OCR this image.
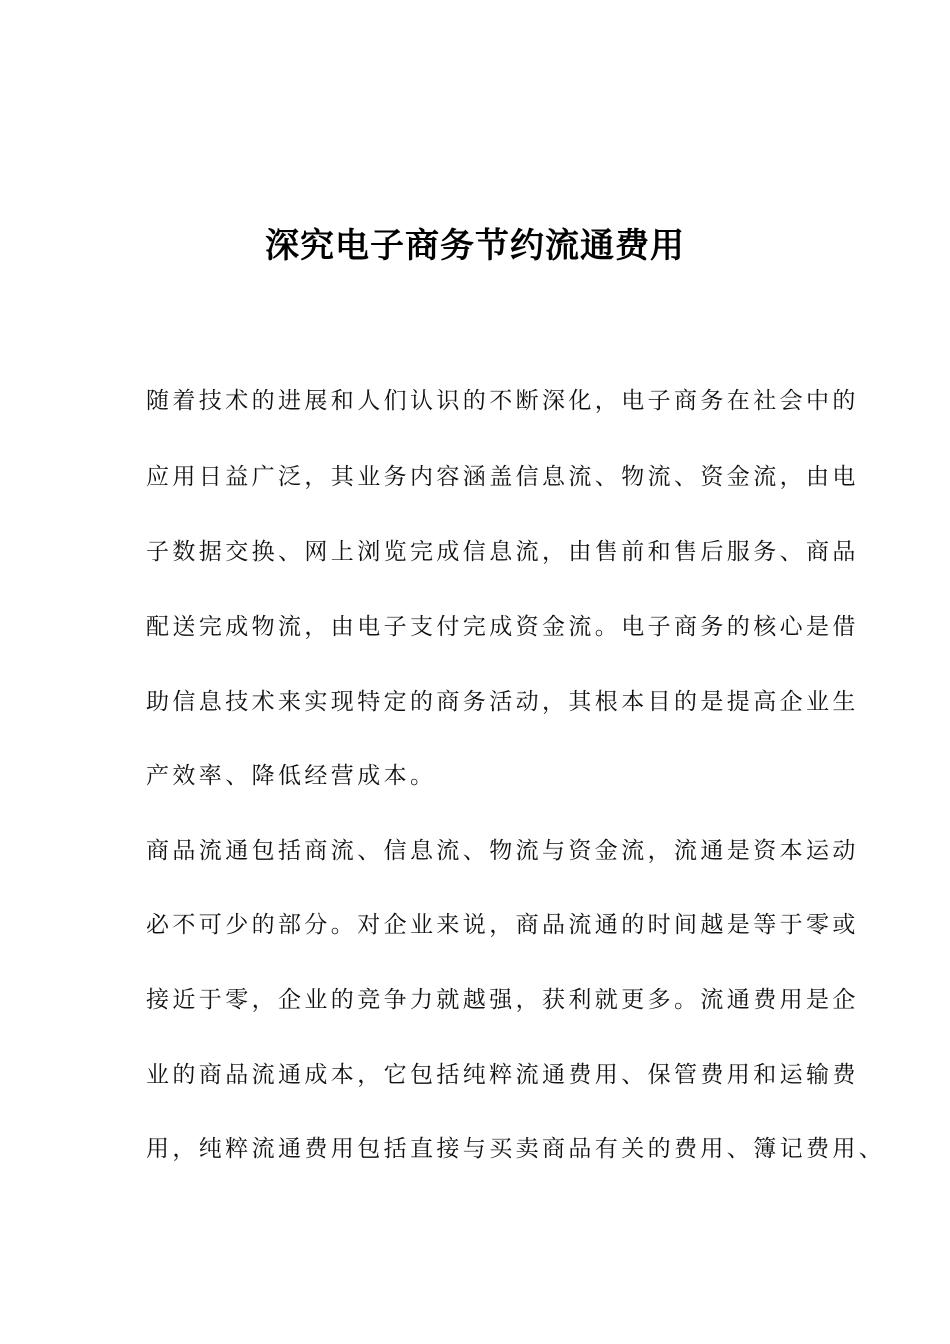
深究电子商务节约流通费用
随着技术的进展和人们认识的不断深化，电子商务在社会中的
应用日益广泛，其业务内容涵盖信息流、物流、资金流，由电
子数据交换、网上浏览完成信息流，由售前和售后服务、商品
配送完成物流，由电子支付完成资金流。电子商务的核心是借
助信息技术来实现特定的商务活动，其根本目的是提高企业生
产效率、降低经营成本。
商品流通包括商流、信息流、物流与资金流，流通是资本运动
必不可少的部分。对企业来说，商品流通的时间越是等于零或
接近于零，企业的竞争力就越强，获利就更多。流通费用是企
业的商品流通成本，它包括纯粹流通费用、保管费用和运输费
用，纯粹流通费用包括直接与买卖商品有关的费用、簿记费用、
